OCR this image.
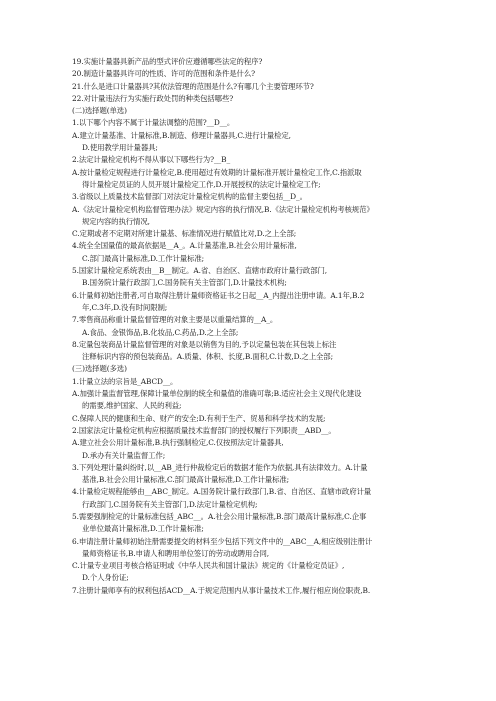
19.实施计量器具新产品的型式评价应遵循哪些法定的程序?
20.制造计量器具许可的性质、许可的范围和条件是什么?
21.什么是进口计量器具?其依法管理的范围是什么?有哪几个主要管理环节?
22.对计量违法行为实施行政处罚的种类包括哪些?
(二)选择题(单选)
1.以下哪个内容不属于计量法调整的范围?__D__。
A.建立计量基准、计量标准,B.制造、修理计量器具,C.进行计量检定,
D.使用教学用计量器具;
2.法定计量检定机构不得从事以下哪些行为?__B_
A.按计量检定规程进行计量检定,B.使用超过有效期的计量标准开展计量检定工作,C.指派取
得计量检定员证的人员开展计量检定工作,D.开展授权的法定计量检定工作;
3.省级以上质量技术监督部门对法定计量检定机构的监督主要包括__D_。
A.《法定计量检定机构监督管理办法》规定内容的执行情况,B.《法定计量检定机构考核规范》
规定内容的执行情况,
C.定期或者不定期对所建计量基、标准情况进行赋值比对,D.之上全部;
4.统全全国量值的最高依据是__A_。A.计量基准,B.社会公用计量标准,
C.部门最高计量标准,D.工作计量标准;
5.国家计量检定系统表由__B__制定。A.省、自治区、直辖市政府计量行政部门,
B.国务院计量行政部门,C.国务院有关主管部门,D.计量技术机构;
6.计量师初始注册者,可自取得注册计量师资格证书之日起__A_内提出注册申请。A.1年,B.2
年,C.3年,D.没有时间限制;
7.零售商品称重计量监督管理的对象主要是以重量结算的__A_。
A.食品、金银饰品,B.化妆品,C.药品,D.之上全部;
8.定量包装商品计量监督管理的对象是以销售为目的,予以定量包装在其包装上标注
注释标识内容的预包装商品。A.质量、体积、长度,B.面积,C.计数,D.之上全部;
(三)选择题(多选)
1.计量立法的宗旨是_ABCD__。
A.加强计量监督管理,保障计量单位制的统全和量值的准确可靠;B.适应社会主义现代化建设
的需要,维护国家、人民的利益;
C.保障人民的健康和生命、财产的安全;D.有利于生产、贸易和科学技术的发展;
2.国家法定计量检定机构应根据质量技术监督部门的授权履行下列职责__ABD__。
A.建立社会公用计量标准,B.执行强制检定,C.仅按照法定计量器具,
D.承办有关计量监督工作;
3.下列处理计量纠纷时,以__AB_进行仲裁检定后的数据才能作为依据,具有法律效力。A.计量
基准,B.社会公用计量标准,C.部门最高计量标准,D.工作计量标准;
4.计量检定规程能够由__ABC_制定。A.国务院计量行政部门,B.省、自治区、直辖市政府计量
行政部门,C.国务院有关主管部门,D.法定计量检定机构;
5.需要强制检定的计量标准包括_ABC__。A.社会公用计量标准,B.部门最高计量标准,C.企事
业单位最高计量标准,D.工作计量标准;
6.申请注册计量师初始注册需要提交的材料至少包括下列文件中的__ABC__A,相应级别注册计
量师资格证书,B.申请人和聘用单位签订的劳动或聘用合同,
C.计量专业项目考核合格证明或《中华人民共和国计量法》规定的《计量检定员证》,
D.个人身份证;
7.注册计量师享有的权利包括ACD__A.于规定范围内从事计量技术工作,履行相应岗位职责,B.
